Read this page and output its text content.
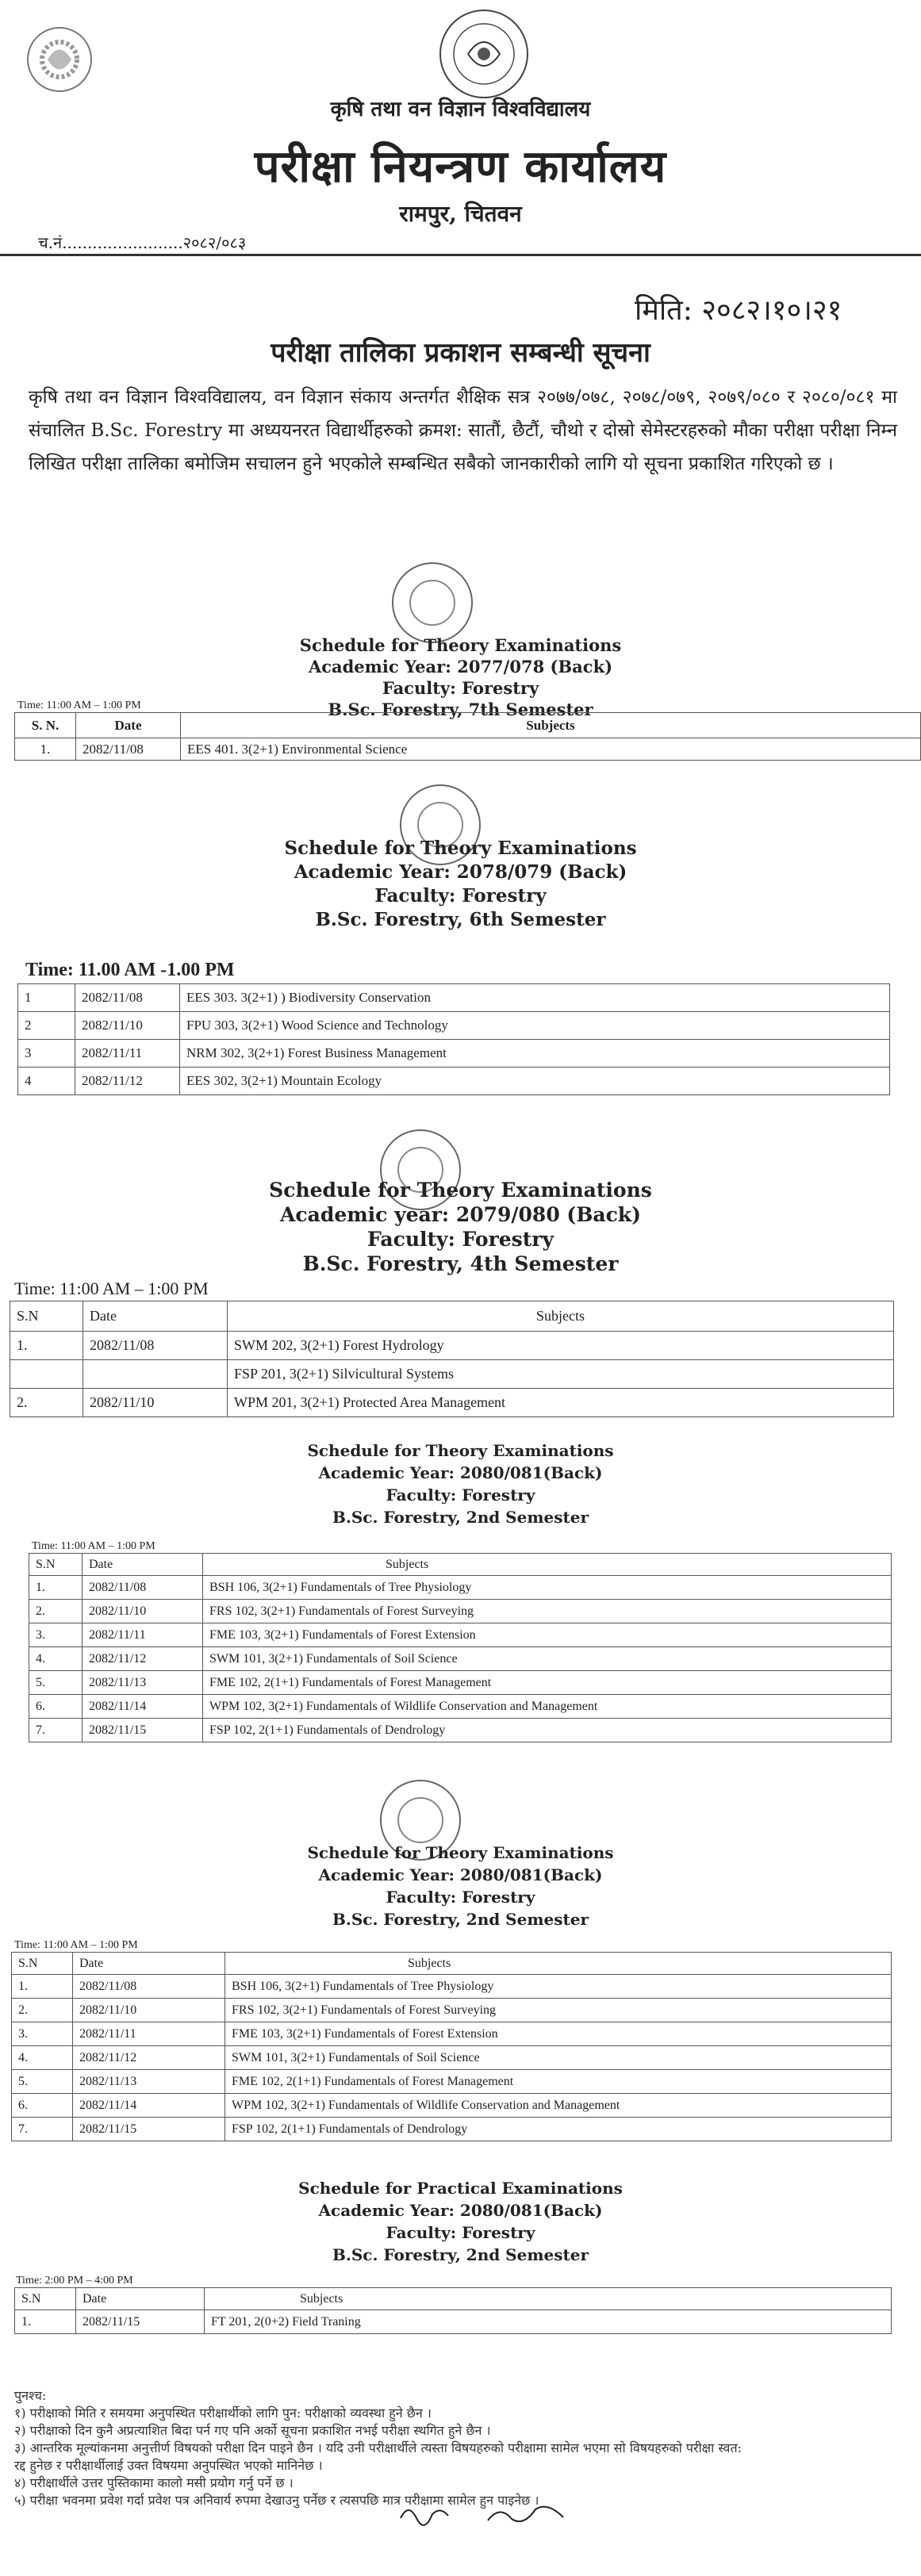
कृषि तथा वन विज्ञान विश्वविद्यालय
परीक्षा नियन्त्रण कार्यालय
रामपुर, चितवन
च.नं........................२०८२/०८३
मिति: २०८२।१०।२१
परीक्षा तालिका प्रकाशन सम्बन्धी सूचना
कृषि तथा वन विज्ञान विश्वविद्यालय, वन विज्ञान संकाय अन्तर्गत शैक्षिक सत्र २०७७/०७८, २०७८/०७९, २०७९/०८० र २०८०/०८१ मा संचालित B.Sc. Forestry मा अध्ययनरत विद्यार्थीहरुको क्रमश: सातौं, छैटौं, चौथो र दोस्रो सेमेस्टरहरुको मौका परीक्षा परीक्षा निम्न लिखित परीक्षा तालिका बमोजिम सचालन हुने भएकोले सम्बन्धित सबैको जानकारीको लागि यो सूचना प्रकाशित गरिएको छ ।
Schedule for Theory Examinations
Academic Year: 2077/078 (Back)
Faculty: Forestry
B.Sc. Forestry, 7th Semester
Time: 11:00 AM – 1:00 PM
S. N.	Date	Subjects
1.	2082/11/08	EES 401. 3(2+1) Environmental Science
Schedule for Theory Examinations
Academic Year: 2078/079 (Back)
Faculty: Forestry
B.Sc. Forestry, 6th Semester
Time: 11.00 AM -1.00 PM
1	2082/11/08	EES 303. 3(2+1) ) Biodiversity Conservation
2	2082/11/10	FPU 303, 3(2+1) Wood Science and Technology
3	2082/11/11	NRM 302, 3(2+1) Forest Business Management
4	2082/11/12	EES 302, 3(2+1) Mountain Ecology
Schedule for Theory Examinations
Academic year: 2079/080 (Back)
Faculty: Forestry
B.Sc. Forestry, 4th Semester
Time: 11:00 AM – 1:00 PM
S.N	Date	Subjects
1.	2082/11/08	SWM 202, 3(2+1) Forest Hydrology
		FSP 201, 3(2+1) Silvicultural Systems
2.	2082/11/10	WPM 201, 3(2+1) Protected Area Management
Schedule for Theory Examinations
Academic Year: 2080/081(Back)
Faculty: Forestry
B.Sc. Forestry, 2nd Semester
Time: 11:00 AM – 1:00 PM
S.N	Date	Subjects
1.	2082/11/08	BSH 106, 3(2+1) Fundamentals of Tree Physiology
2.	2082/11/10	FRS 102, 3(2+1) Fundamentals of Forest Surveying
3.	2082/11/11	FME 103, 3(2+1) Fundamentals of Forest Extension
4.	2082/11/12	SWM 101, 3(2+1) Fundamentals of Soil Science
5.	2082/11/13	FME 102, 2(1+1) Fundamentals of Forest Management
6.	2082/11/14	WPM 102, 3(2+1) Fundamentals of Wildlife Conservation and Management
7.	2082/11/15	FSP 102, 2(1+1) Fundamentals of Dendrology
Schedule for Theory Examinations
Academic Year: 2080/081(Back)
Faculty: Forestry
B.Sc. Forestry, 2nd Semester
Time: 11:00 AM – 1:00 PM
S.N	Date	Subjects
1.	2082/11/08	BSH 106, 3(2+1) Fundamentals of Tree Physiology
2.	2082/11/10	FRS 102, 3(2+1) Fundamentals of Forest Surveying
3.	2082/11/11	FME 103, 3(2+1) Fundamentals of Forest Extension
4.	2082/11/12	SWM 101, 3(2+1) Fundamentals of Soil Science
5.	2082/11/13	FME 102, 2(1+1) Fundamentals of Forest Management
6.	2082/11/14	WPM 102, 3(2+1) Fundamentals of Wildlife Conservation and Management
7.	2082/11/15	FSP 102, 2(1+1) Fundamentals of Dendrology
Schedule for Practical Examinations
Academic Year: 2080/081(Back)
Faculty: Forestry
B.Sc. Forestry, 2nd Semester
Time: 2:00 PM – 4:00 PM
S.N	Date	Subjects
1.	2082/11/15	FT 201, 2(0+2) Field Traning
पुनश्च:
१) परीक्षाको मिति र समयमा अनुपस्थित परीक्षार्थीको लागि पुन: परीक्षाको व्यवस्था हुने छैन ।
२) परीक्षाको दिन कुनै अप्रत्याशित बिदा पर्न गए पनि अर्को सूचना प्रकाशित नभई परीक्षा स्थगित हुने छैन ।
३) आन्तरिक मूल्यांकनमा अनुत्तीर्ण विषयको परीक्षा दिन पाइने छैन । यदि उनी परीक्षार्थीले त्यस्ता विषयहरुको परीक्षामा सामेल भएमा सो विषयहरुको परीक्षा स्वत:
रद्द हुनेछ र परीक्षार्थीलाई उक्त विषयमा अनुपस्थित भएको मानिनेछ ।
४) परीक्षार्थीले उत्तर पुस्तिकामा कालो मसी प्रयोग गर्नु पर्ने छ ।
५) परीक्षा भवनमा प्रवेश गर्दा प्रवेश पत्र अनिवार्य रुपमा देखाउनु पर्नेछ र त्यसपछि मात्र परीक्षामा सामेल हुन पाइनेछ ।
